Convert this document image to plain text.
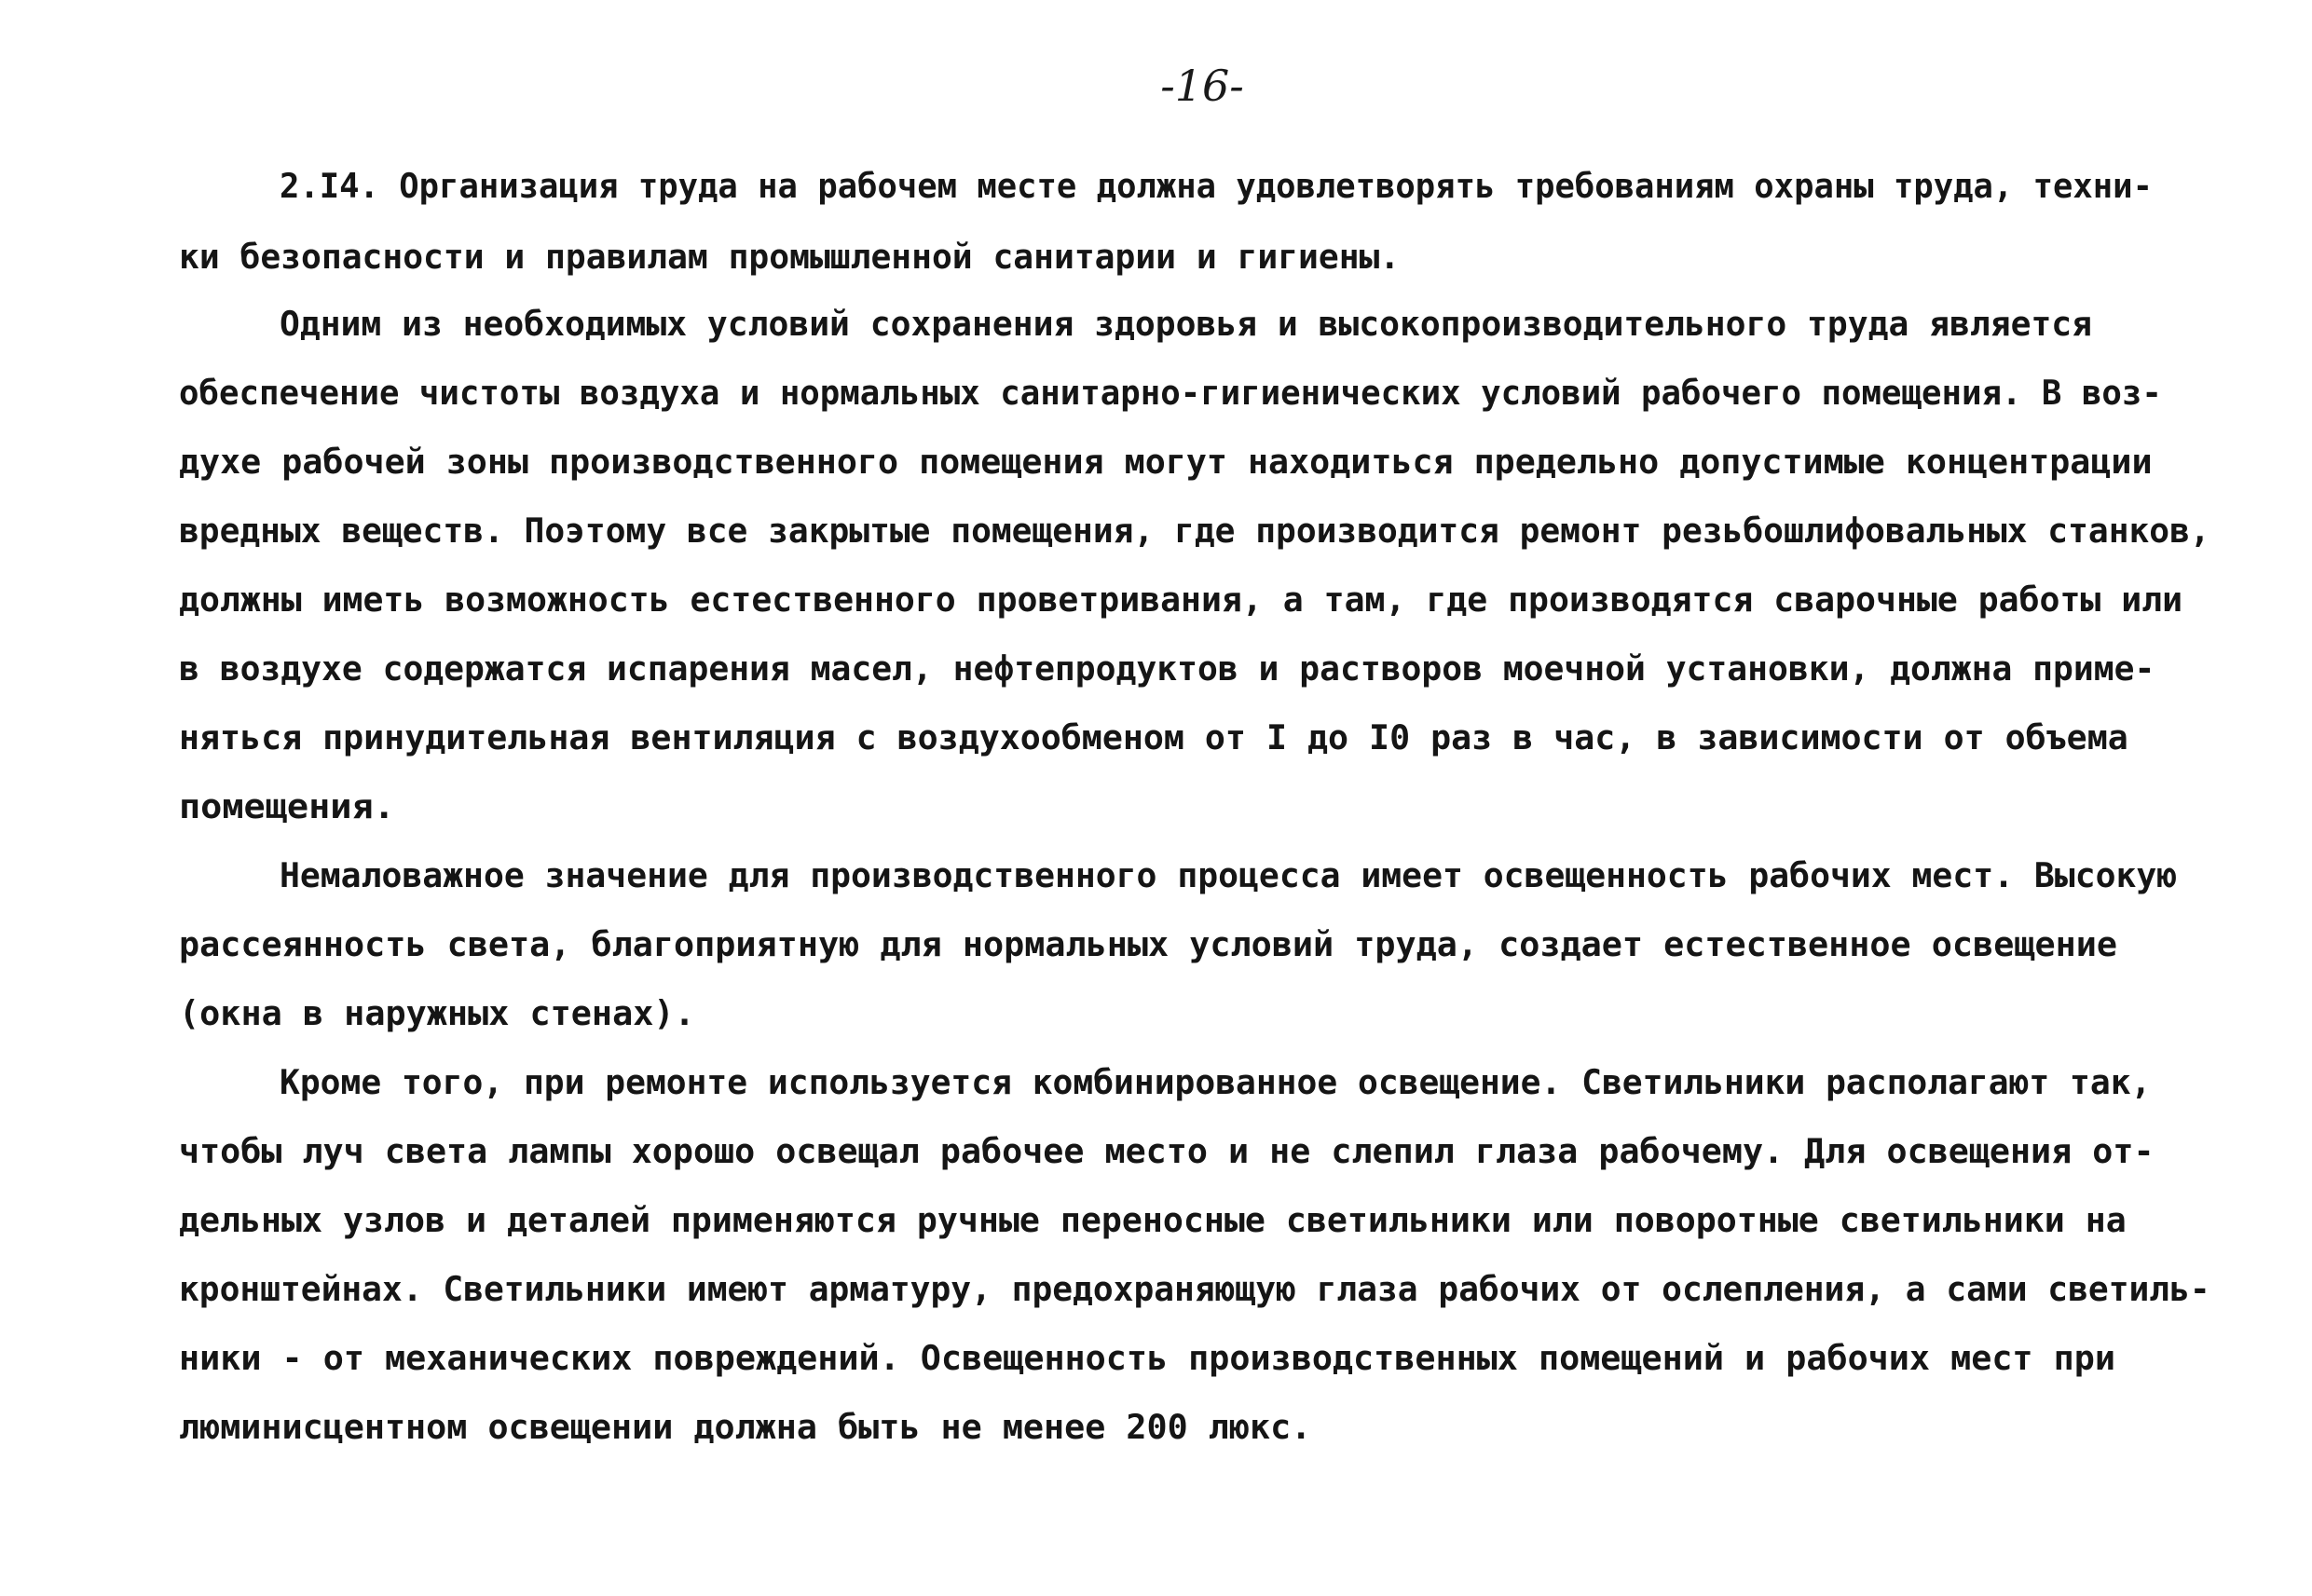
-16-
2.I4. Организация труда на рабочем месте должна удовлетворять требованиям охраны труда, техни-
ки безопасности и правилам промышленной санитарии и гигиены.
Одним из необходимых условий сохранения здоровья и высокопроизводительного труда является
обеспечение чистоты воздуха и нормальных санитарно-гигиенических условий рабочего помещения. В воз-
духе рабочей зоны производственного помещения могут находиться предельно допустимые концентрации
вредных веществ. Поэтому все закрытые помещения, где производится ремонт резьбошлифовальных станков,
должны иметь возможность естественного проветривания, а там, где производятся сварочные работы или
в воздухе содержатся испарения масел, нефтепродуктов и растворов моечной установки, должна приме-
няться принудительная вентиляция с воздухообменом от I до I0 раз в час, в зависимости от объема
помещения.
Немаловажное значение для производственного процесса имеет освещенность рабочих мест. Высокую
рассеянность света, благоприятную для нормальных условий труда, создает естественное освещение
(окна в наружных стенах).
Кроме того, при ремонте используется комбинированное освещение. Светильники располагают так,
чтобы луч света лампы хорошо освещал рабочее место и не слепил глаза рабочему. Для освещения от-
дельных узлов и деталей применяются ручные переносные светильники или поворотные светильники на
кронштейнах. Светильники имеют арматуру, предохраняющую глаза рабочих от ослепления, а сами светиль-
ники - от механических повреждений. Освещенность производственных помещений и рабочих мест при
люминисцентном освещении должна быть не менее 200 люкс.
